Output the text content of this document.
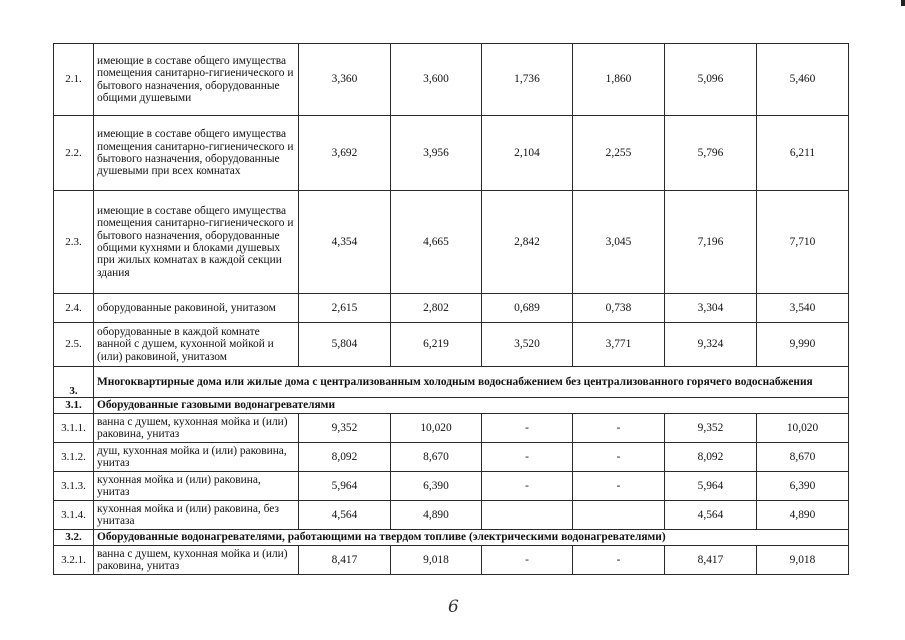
2.1.	имеющие в составе общего имущества помещения санитарно-гигиенического и бытового назначения, оборудованные общими душевыми	3,360	3,600	1,736	1,860	5,096	5,460
2.2.	имеющие в составе общего имущества помещения санитарно-гигиенического и бытового назначения, оборудованные душевыми при всех комнатах	3,692	3,956	2,104	2,255	5,796	6,211
2.3.	имеющие в составе общего имущества помещения санитарно-гигиенического и бытового назначения, оборудованные общими кухнями и блоками душевых при жилых комнатах в каждой секции здания	4,354	4,665	2,842	3,045	7,196	7,710
2.4.	оборудованные раковиной, унитазом	2,615	2,802	0,689	0,738	3,304	3,540
2.5.	оборудованные в каждой комнате ванной с душем, кухонной мойкой и (или) раковиной, унитазом	5,804	6,219	3,520	3,771	9,324	9,990
3.	Многоквартирные дома или жилые дома с централизованным холодным водоснабжением без централизованного горячего водоснабжения						
3.1.	Оборудованные газовыми водонагревателями						
3.1.1.	ванна с душем, кухонная мойка и (или) раковина, унитаз	9,352	10,020	-	-	9,352	10,020
3.1.2.	душ, кухонная мойка и (или) раковина, унитаз	8,092	8,670	-	-	8,092	8,670
3.1.3.	кухонная мойка и (или) раковина, унитаз	5,964	6,390	-	-	5,964	6,390
3.1.4.	кухонная мойка и (или) раковина, без унитаза	4,564	4,890			4,564	4,890
3.2.	Оборудованные водонагревателями, работающими на твердом топливе (электрическими водонагревателями)						
3.2.1.	ванна с душем, кухонная мойка и (или) раковина, унитаз	8,417	9,018	-	-	8,417	9,018
6
